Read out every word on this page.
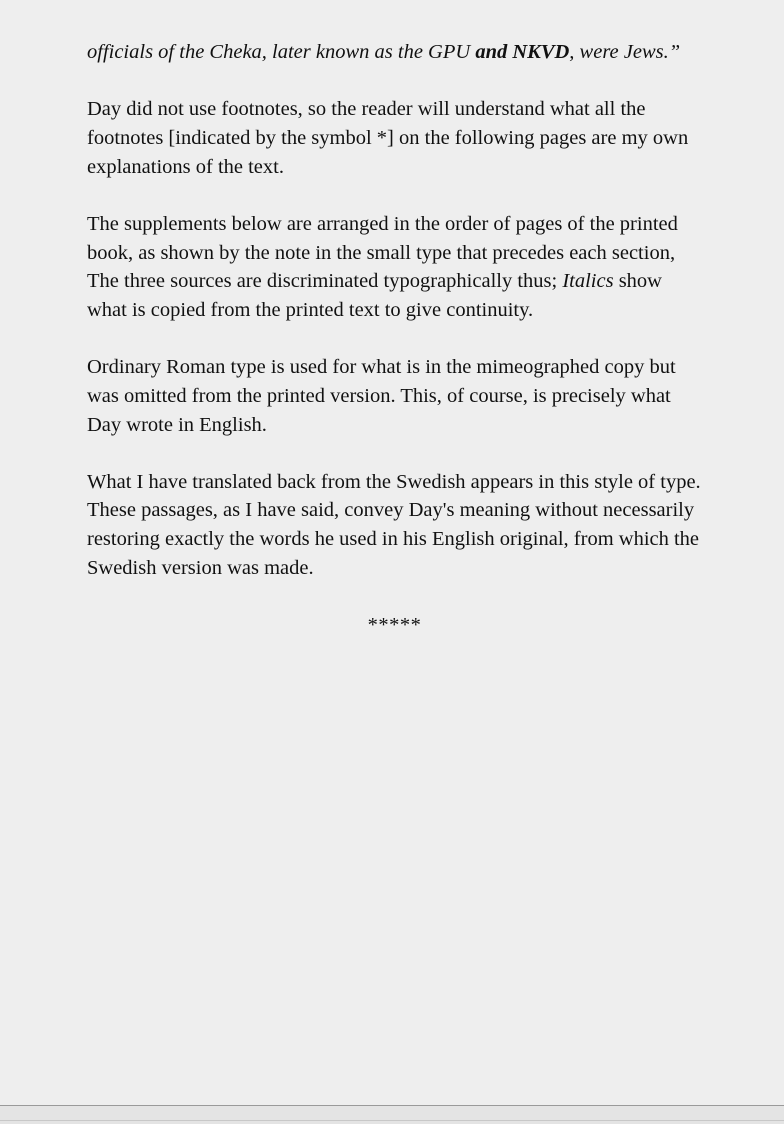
officials of the Cheka, later known as the GPU and NKVD, were Jews.”

Day did not use footnotes, so the reader will understand what all the footnotes [indicated by the symbol *] on the following pages are my own explanations of the text.

The supplements below are arranged in the order of pages of the printed book, as shown by the note in the small type that precedes each section, The three sources are discriminated typographically thus; Italics show what is copied from the printed text to give continuity.

Ordinary Roman type is used for what is in the mimeographed copy but was omitted from the printed version. This, of course, is precisely what Day wrote in English.

What I have translated back from the Swedish appears in this style of type. These passages, as I have said, convey Day's meaning without necessarily restoring exactly the words he used in his English original, from which the Swedish version was made.

*****
